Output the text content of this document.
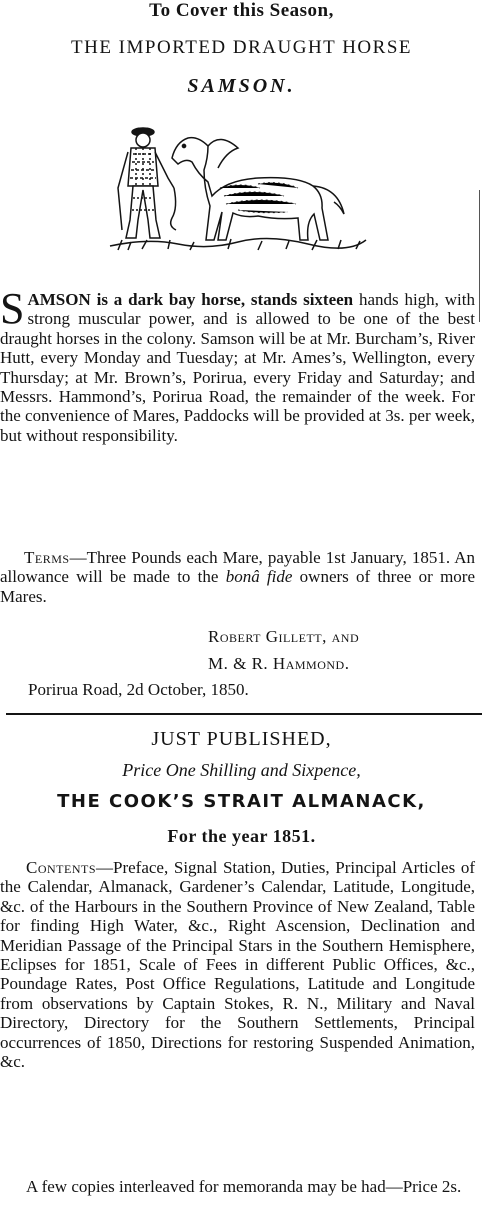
To Cover this Season,
THE IMPORTED DRAUGHT HORSE
SAMSON.
SAMSON is a dark bay horse, stands sixteen hands high, with strong muscular power, and is allowed to be one of the best draught horses in the colony. Samson will be at Mr. Burcham’s, River Hutt, every Monday and Tuesday; at Mr. Ames’s, Wellington, every Thursday; at Mr. Brown’s, Porirua, every Friday and Saturday; and Messrs. Hammond’s, Porirua Road, the remainder of the week. For the convenience of Mares, Paddocks will be provided at 3s. per week, but without responsibility.
Terms—Three Pounds each Mare, payable 1st January, 1851. An allowance will be made to the bonâ fide owners of three or more Mares.
Robert Gillett, and
M. & R. Hammond.
Porirua Road, 2d October, 1850.
JUST PUBLISHED,
Price One Shilling and Sixpence,
THE COOK’S STRAIT ALMANACK,
For the year 1851.
Contents—Preface, Signal Station, Duties, Principal Articles of the Calendar, Almanack, Gardener’s Calendar, Latitude, Longitude, &c. of the Harbours in the Southern Province of New Zealand, Table for finding High Water, &c., Right Ascension, Declination and Meridian Passage of the Principal Stars in the Southern Hemisphere, Eclipses for 1851, Scale of Fees in different Public Offices, &c., Poundage Rates, Post Office Regulations, Latitude and Longitude from observations by Captain Stokes, R. N., Military and Naval Directory, Directory for the Southern Settlements, Principal occurrences of 1850, Directions for restoring Suspended Animation, &c.
A few copies interleaved for memoranda may be had—Price 2s.
